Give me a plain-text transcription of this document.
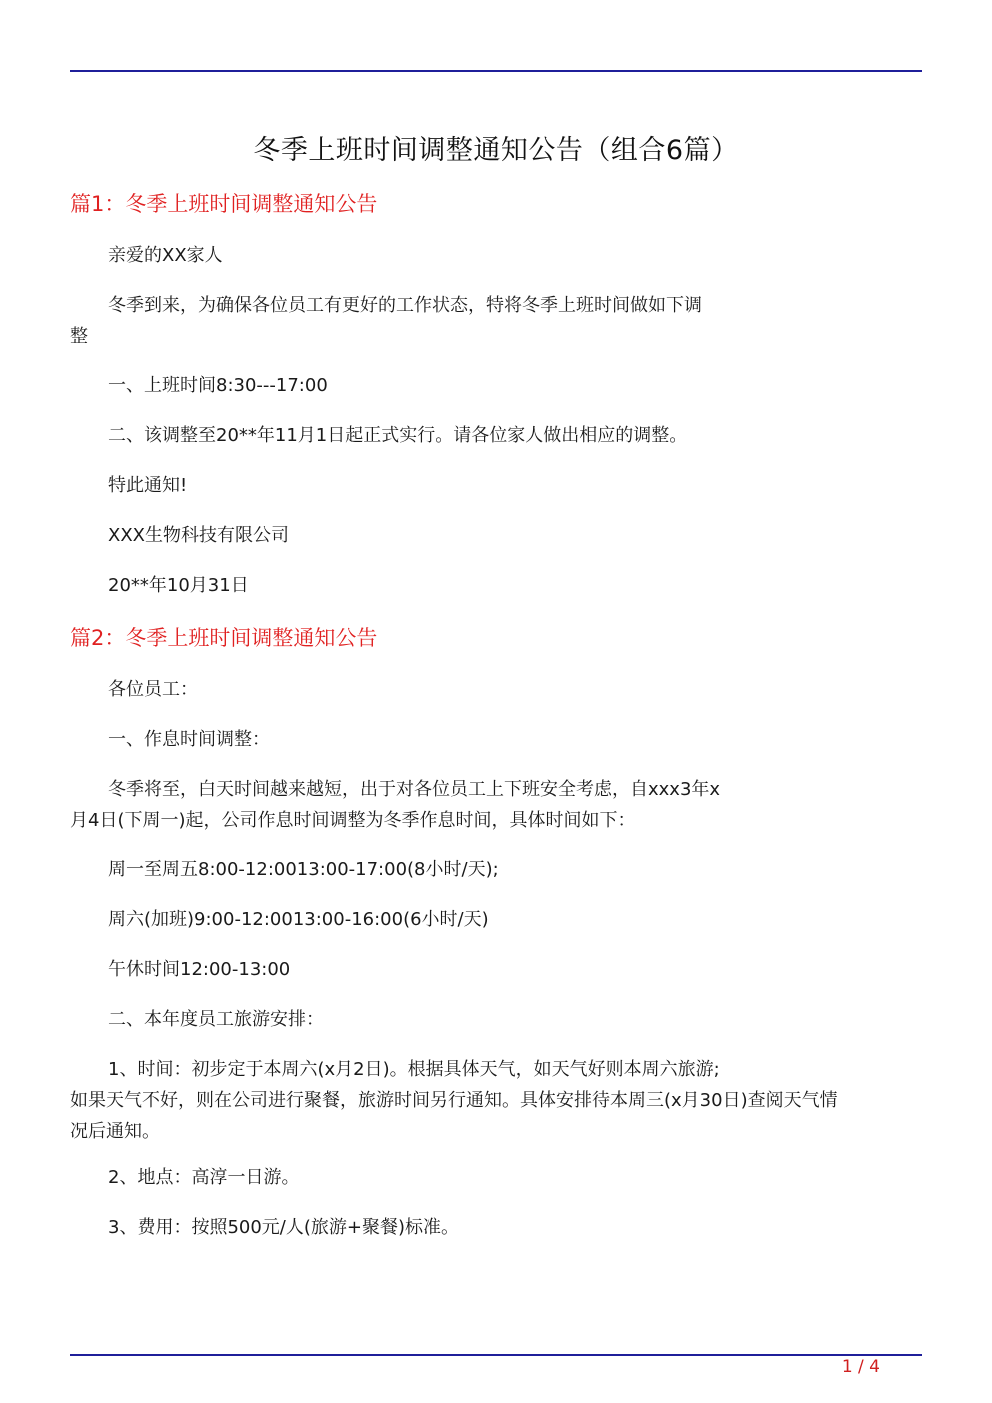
冬季上班时间调整通知公告（组合6篇）
篇1：冬季上班时间调整通知公告

亲爱的XX家人

冬季到来，为确保各位员工有更好的工作状态，特将冬季上班时间做如下调
整

一、上班时间8:30---17:00

二、该调整至20**年11月1日起正式实行。请各位家人做出相应的调整。

特此通知!

XXX生物科技有限公司

20**年10月31日

篇2：冬季上班时间调整通知公告

各位员工：

一、作息时间调整：

冬季将至，白天时间越来越短，出于对各位员工上下班安全考虑，自xxx3年x
月4日(下周一)起，公司作息时间调整为冬季作息时间，具体时间如下：

周一至周五8:00-12:0013:00-17:00(8小时/天);

周六(加班)9:00-12:0013:00-16:00(6小时/天)

午休时间12:00-13:00

二、本年度员工旅游安排：

1、时间：初步定于本周六(x月2日)。根据具体天气，如天气好则本周六旅游;
如果天气不好，则在公司进行聚餐，旅游时间另行通知。具体安排待本周三(x月30日)查阅天气情
况后通知。

2、地点：高淳一日游。

3、费用：按照500元/人(旅游+聚餐)标准。

1 / 4
